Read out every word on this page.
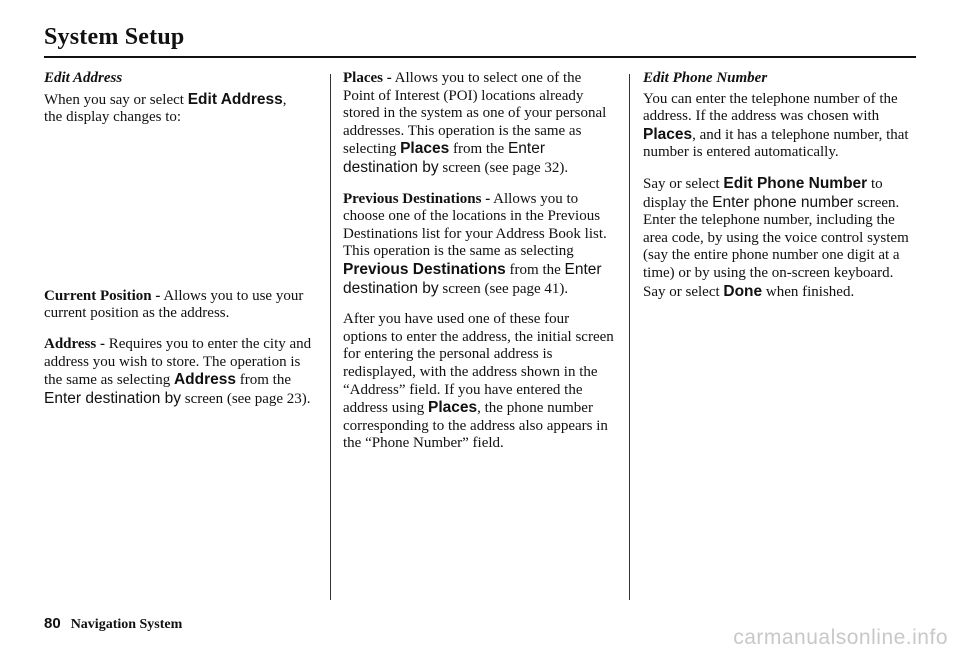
System Setup

Edit Address

When you say or select Edit Address,
the display changes to:

Current Position - Allows you to use your current position as the address.

Address - Requires you to enter the city and address you wish to store. The operation is the same as selecting Address from the Enter destination by screen (see page 23).

Places - Allows you to select one of the Point of Interest (POI) locations already stored in the system as one of your personal addresses. This operation is the same as selecting Places from the Enter destination by screen (see page 32).

Previous Destinations - Allows you to choose one of the locations in the Previous Destinations list for your Address Book list. This operation is the same as selecting Previous Destinations from the Enter destination by screen (see page 41).

After you have used one of these four options to enter the address, the initial screen for entering the personal address is redisplayed, with the address shown in the “Address” field. If you have entered the address using Places, the phone number corresponding to the address also appears in the “Phone Number” field.

Edit Phone Number

You can enter the telephone number of the address. If the address was chosen with Places, and it has a telephone number, that number is entered automatically.

Say or select Edit Phone Number to display the Enter phone number screen. Enter the telephone number, including the area code, by using the voice control system (say the entire phone number one digit at a time) or by using the on-screen keyboard. Say or select Done when finished.

80 Navigation System
carmanualsonline.info
